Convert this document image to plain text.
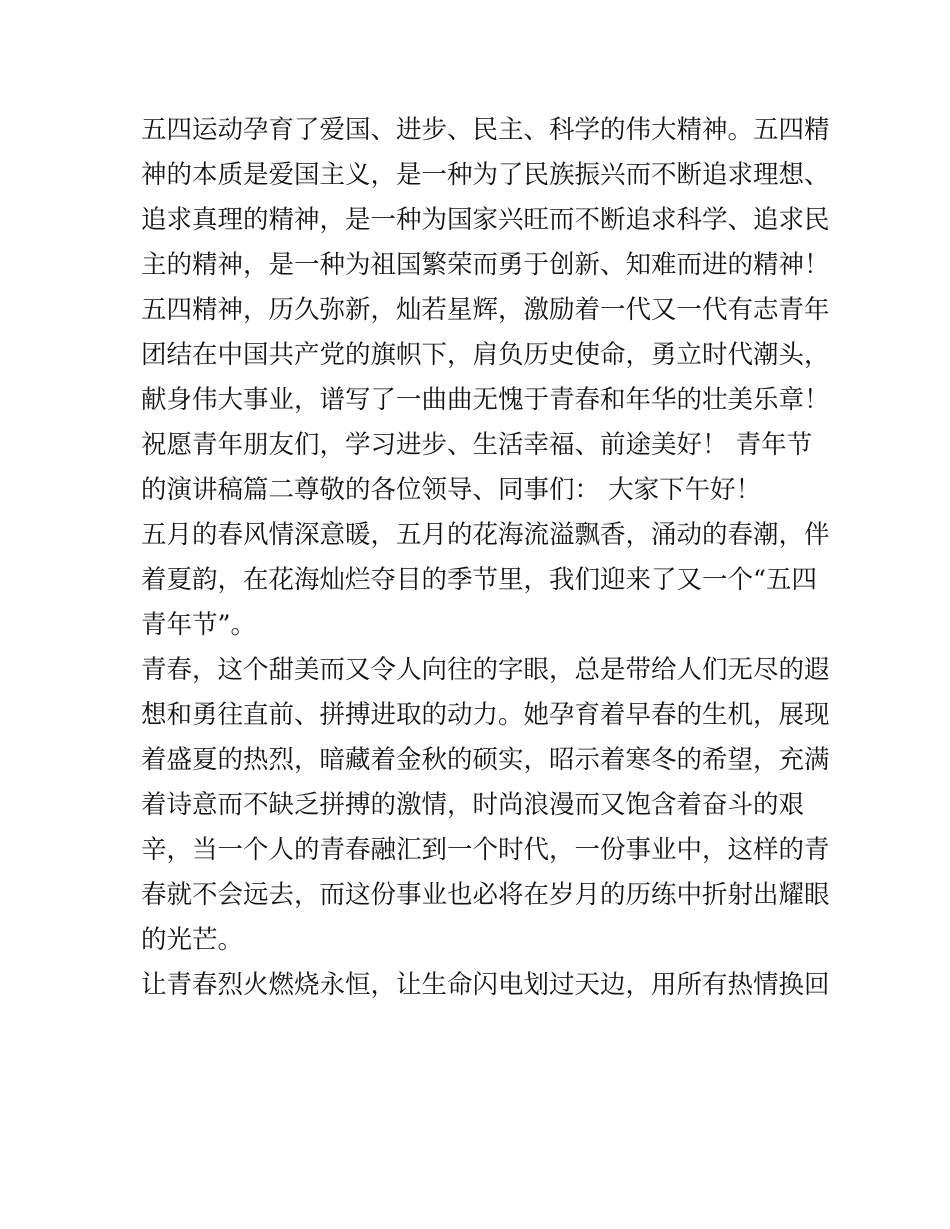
五四运动孕育了爱国、进步、民主、科学的伟大精神。五四精
神的本质是爱国主义，是一种为了民族振兴而不断追求理想、
追求真理的精神，是一种为国家兴旺而不断追求科学、追求民
主的精神，是一种为祖国繁荣而勇于创新、知难而进的精神！
五四精神，历久弥新，灿若星辉，激励着一代又一代有志青年
团结在中国共产党的旗帜下，肩负历史使命，勇立时代潮头，
献身伟大事业，谱写了一曲曲无愧于青春和年华的壮美乐章！
祝愿青年朋友们，学习进步、生活幸福、前途美好！ 青年节
的演讲稿篇二尊敬的各位领导、同事们： 大家下午好！
五月的春风情深意暖，五月的花海流溢飘香，涌动的春潮，伴
着夏韵，在花海灿烂夺目的季节里，我们迎来了又一个“五四
青年节”。
青春，这个甜美而又令人向往的字眼，总是带给人们无尽的遐
想和勇往直前、拼搏进取的动力。她孕育着早春的生机，展现
着盛夏的热烈，暗藏着金秋的硕实，昭示着寒冬的希望，充满
着诗意而不缺乏拼搏的激情，时尚浪漫而又饱含着奋斗的艰
辛，当一个人的青春融汇到一个时代，一份事业中，这样的青
春就不会远去，而这份事业也必将在岁月的历练中折射出耀眼
的光芒。
让青春烈火燃烧永恒，让生命闪电划过天边，用所有热情换回
